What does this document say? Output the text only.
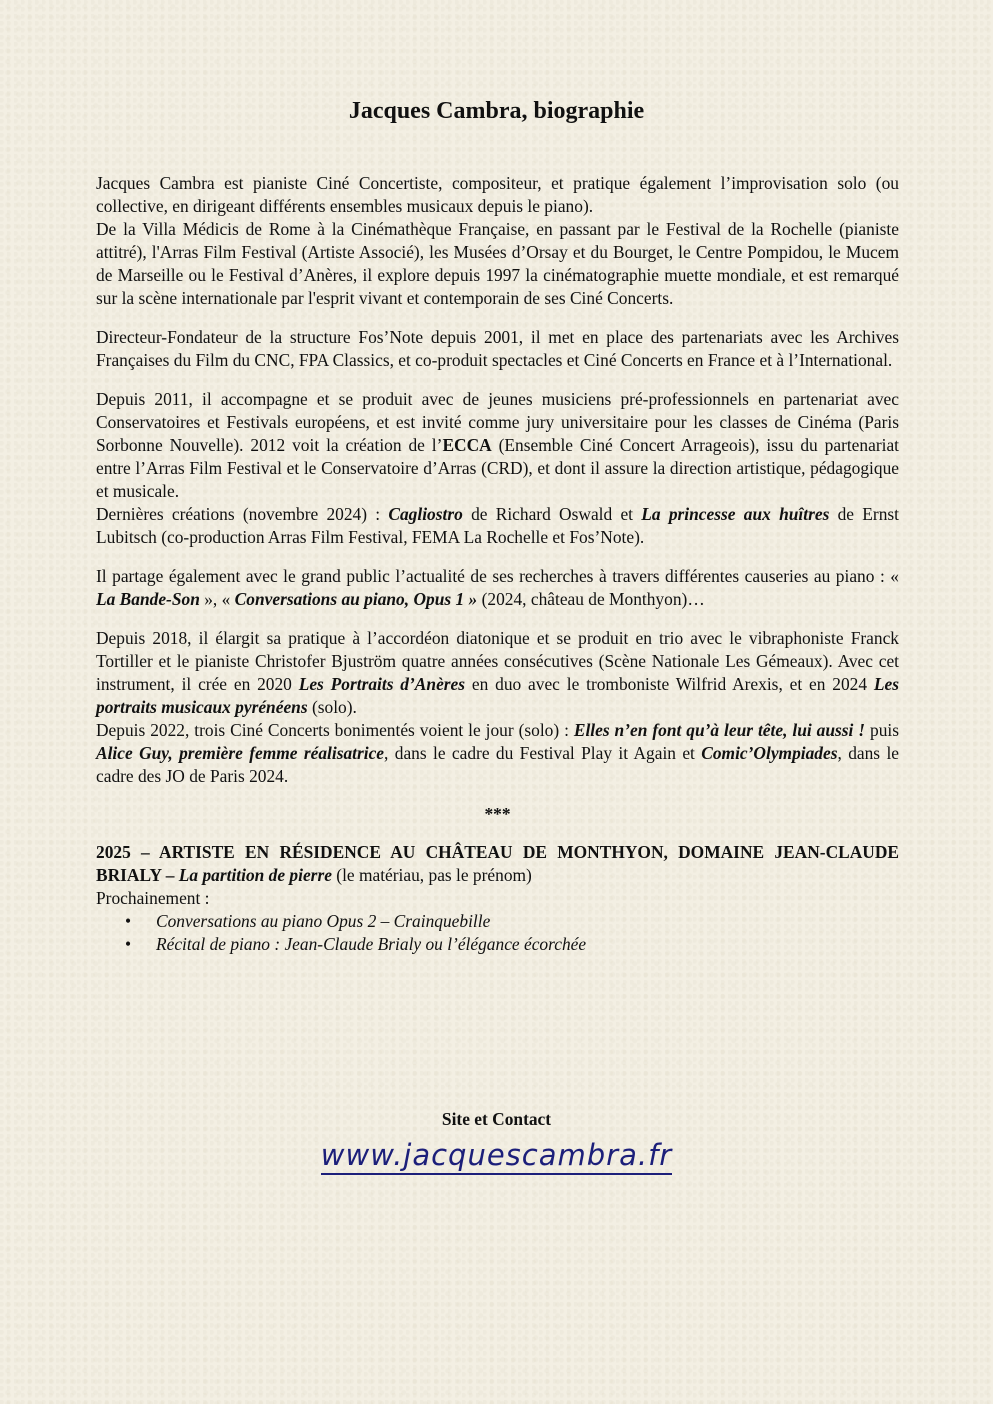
Jacques Cambra, biographie

Jacques Cambra est pianiste Ciné Concertiste, compositeur, et pratique également l’improvisation solo (ou collective, en dirigeant différents ensembles musicaux depuis le piano).

De la Villa Médicis de Rome à la Cinémathèque Française, en passant par le Festival de la Rochelle (pianiste attitré), l'Arras Film Festival (Artiste Associé), les Musées d’Orsay et du Bourget, le Centre Pompidou, le Mucem de Marseille ou le Festival d’Anères, il explore depuis 1997 la cinématographie muette mondiale, et est remarqué sur la scène internationale par l'esprit vivant et contemporain de ses Ciné Concerts.

Directeur-Fondateur de la structure Fos’Note depuis 2001, il met en place des partenariats avec les Archives Françaises du Film du CNC, FPA Classics, et co-produit spectacles et Ciné Concerts en France et à l’International.

Depuis 2011, il accompagne et se produit avec de jeunes musiciens pré-professionnels en partenariat avec Conservatoires et Festivals européens, et est invité comme jury universitaire pour les classes de Cinéma (Paris Sorbonne Nouvelle). 2012 voit la création de l’ECCA (Ensemble Ciné Concert Arrageois), issu du partenariat entre l’Arras Film Festival et le Conservatoire d’Arras (CRD), et dont il assure la direction artistique, pédagogique et musicale.

Dernières créations (novembre 2024) : Cagliostro de Richard Oswald et La princesse aux huîtres de Ernst Lubitsch (co-production Arras Film Festival, FEMA La Rochelle et Fos’Note).

Il partage également avec le grand public l’actualité de ses recherches à travers différentes causeries au piano : « La Bande-Son », « Conversations au piano, Opus 1 » (2024, château de Monthyon)…

Depuis 2018, il élargit sa pratique à l’accordéon diatonique et se produit en trio avec le vibraphoniste Franck Tortiller et le pianiste Christofer Bjuström quatre années consécutives (Scène Nationale Les Gémeaux). Avec cet instrument, il crée en 2020 Les Portraits d’Anères en duo avec le tromboniste Wilfrid Arexis, et en 2024 Les portraits musicaux pyrénéens (solo).

Depuis 2022, trois Ciné Concerts bonimentés voient le jour (solo) : Elles n’en font qu’à leur tête, lui aussi ! puis Alice Guy, première femme réalisatrice, dans le cadre du Festival Play it Again et Comic’Olympiades, dans le cadre des JO de Paris 2024.

***

2025 – ARTISTE EN RÉSIDENCE AU CHÂTEAU DE MONTHYON, DOMAINE JEAN-CLAUDE BRIALY – La partition de pierre (le matériau, pas le prénom)

Prochainement :

• Conversations au piano Opus 2 – Crainquebille
• Récital de piano : Jean-Claude Brialy ou l’élégance écorchée
Site et Contact
www.jacquescambra.fr
